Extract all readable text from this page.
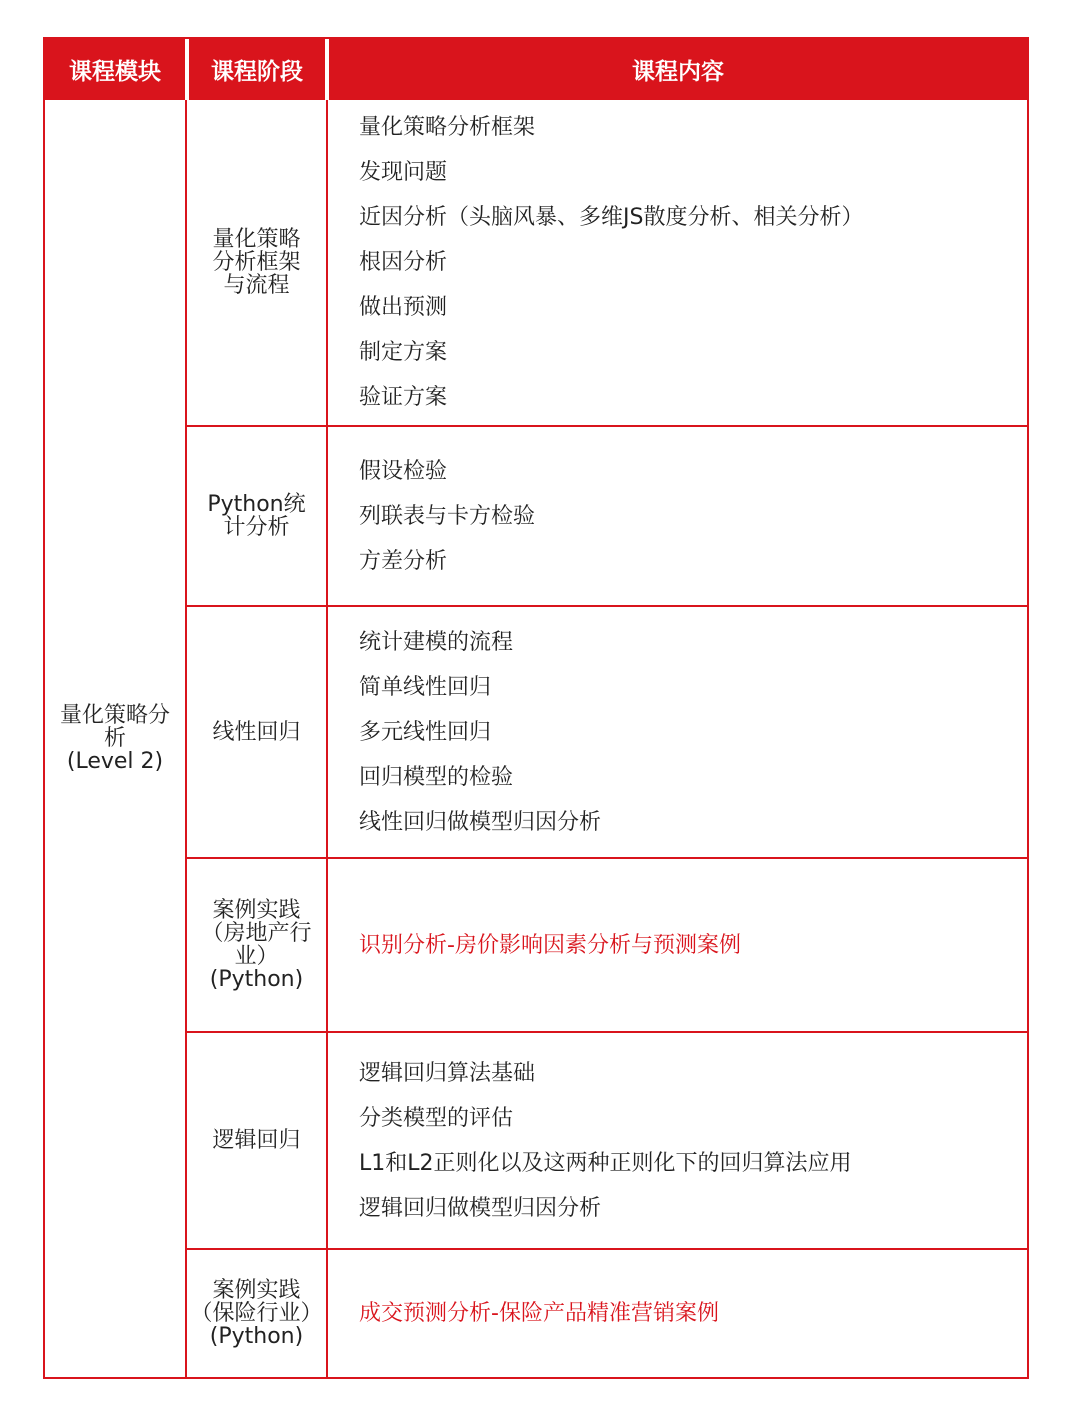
课程模块 课程阶段	课程内容
量化策略分
析
(Level 2)
量化策略
分析框架
与流程
量化策略分析框架
发现问题
近因分析（头脑风暴、多维JS散度分析、相关分析）
根因分析
做出预测
制定方案
验证方案
Python统
计分析
假设检验
列联表与卡方检验
方差分析
线性回归
统计建模的流程
简单线性回归
多元线性回归
回归模型的检验
线性回归做模型归因分析
案例实践
（房地产行
业）
(Python)
识别分析-房价影响因素分析与预测案例
逻辑回归
逻辑回归算法基础
分类模型的评估
L1和L2正则化以及这两种正则化下的回归算法应用
逻辑回归做模型归因分析
案例实践
（保险行业）
(Python)
成交预测分析-保险产品精准营销案例
